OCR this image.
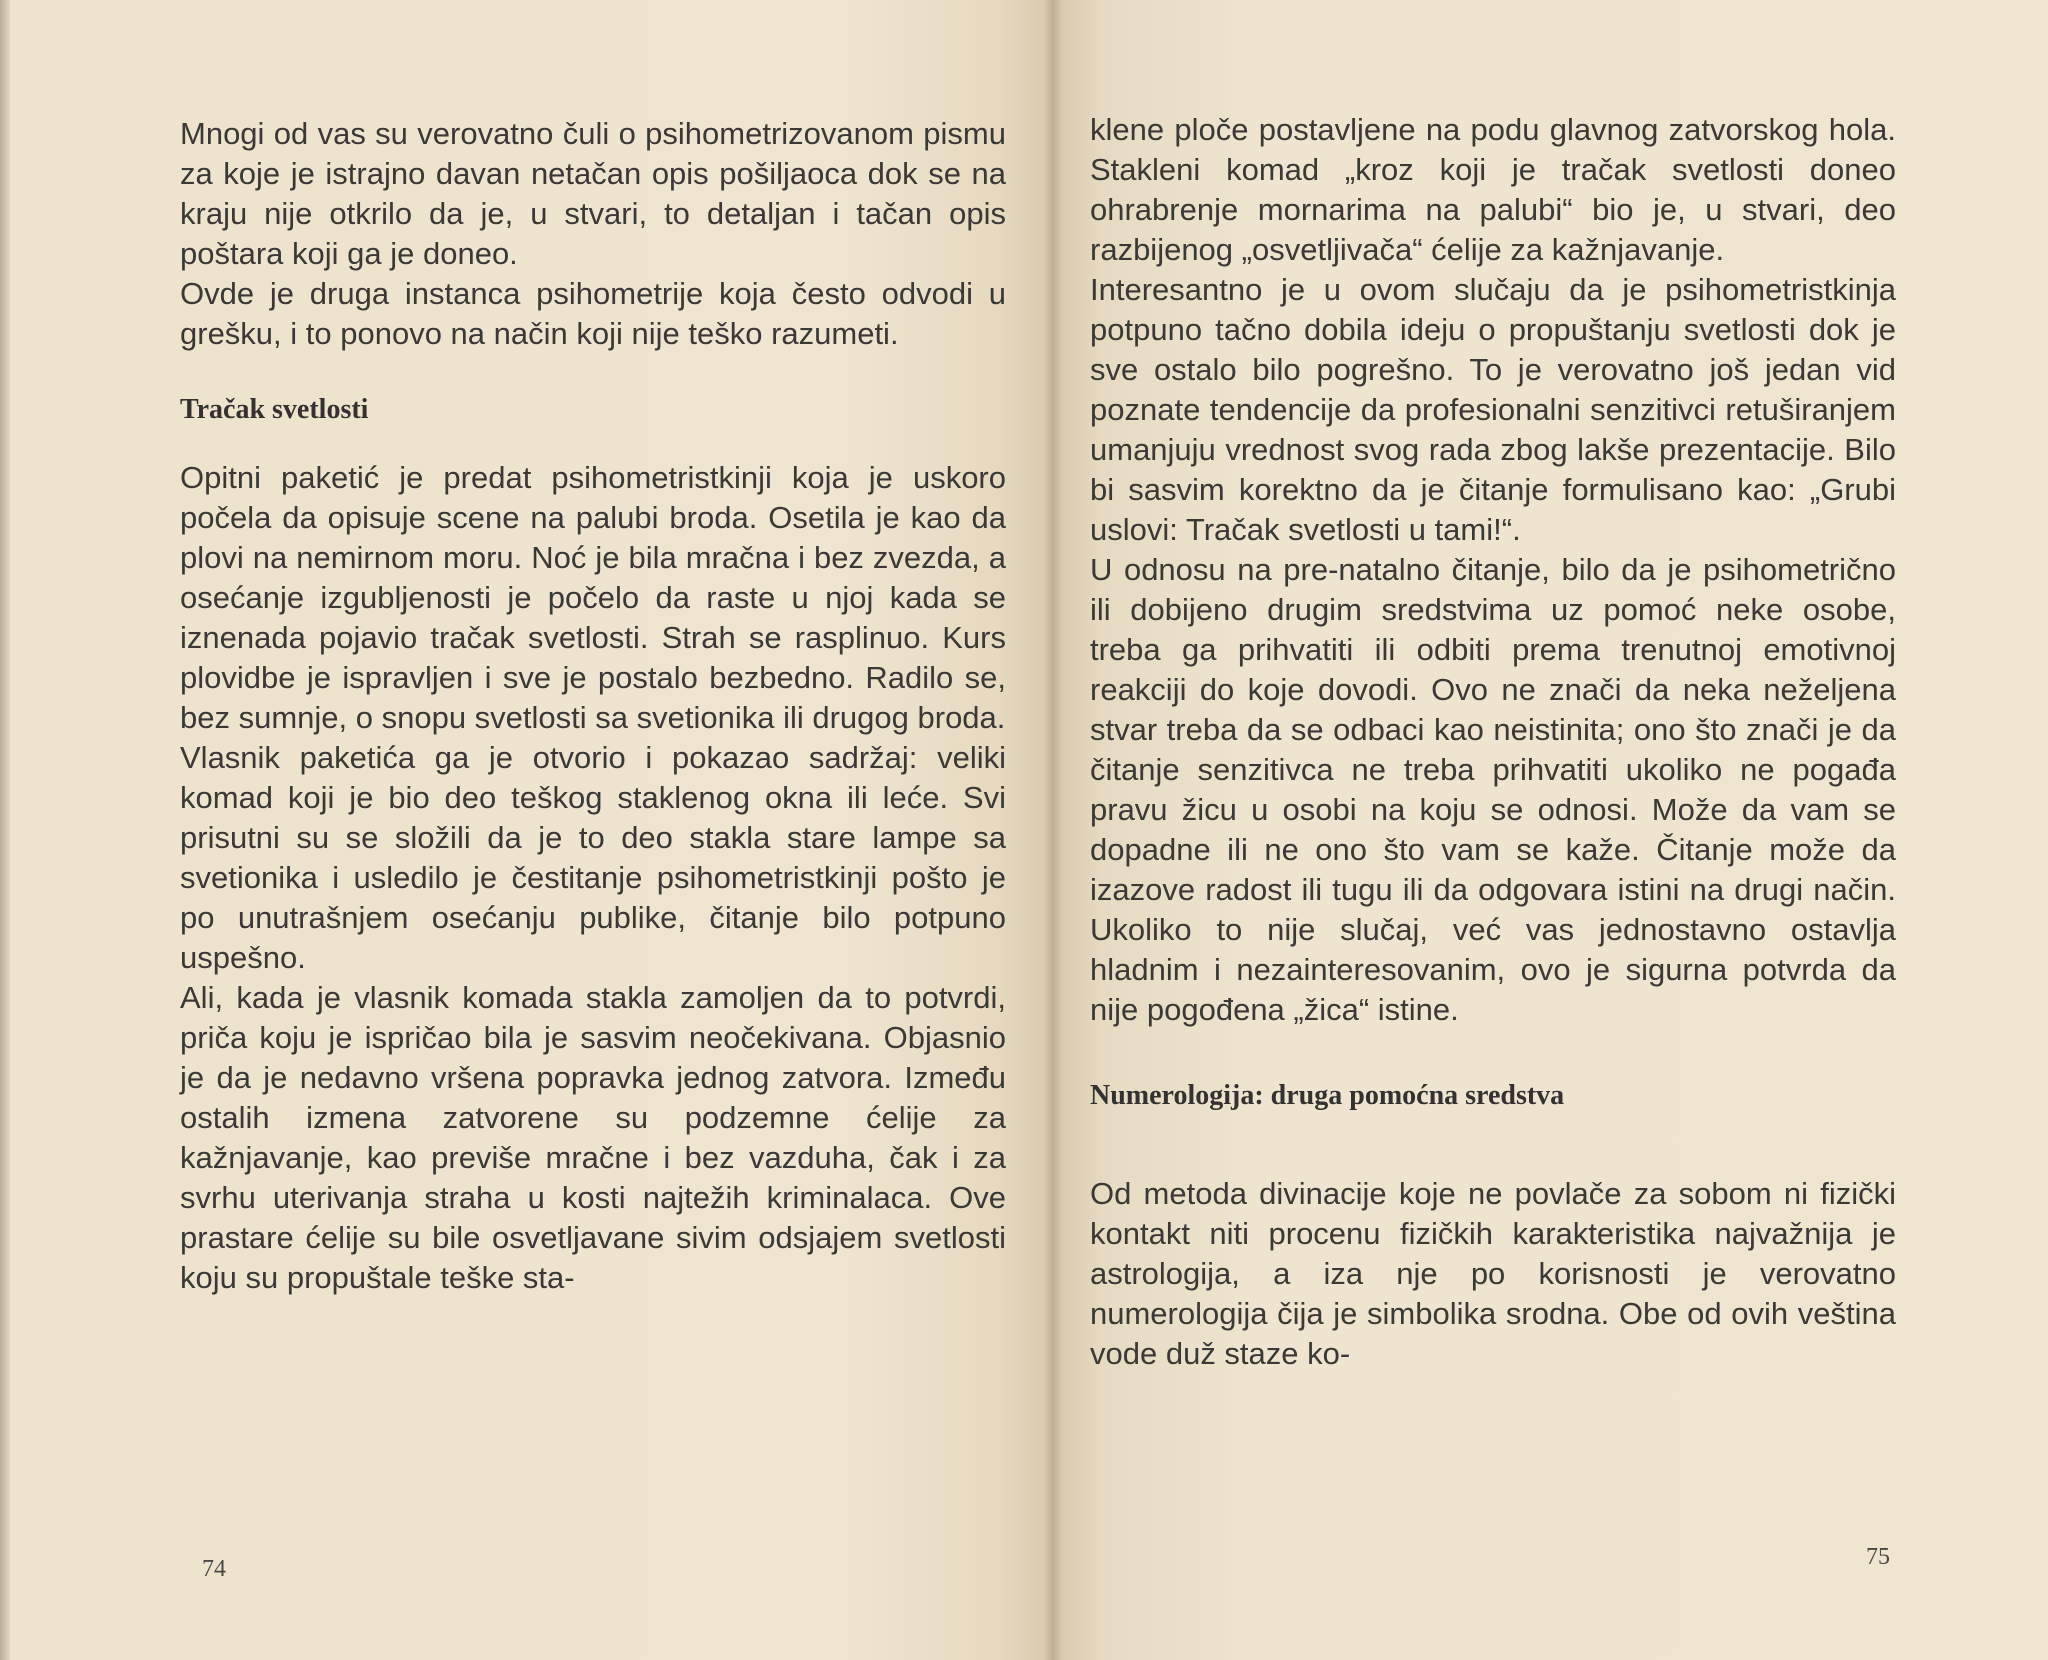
Mnogi od vas su verovatno čuli o psihometrizovanom pismu za koje je istrajno davan netačan opis pošiljaoca dok se na kraju nije otkrilo da je, u stvari, to detaljan i tačan opis poštara koji ga je doneo.

Ovde je druga instanca psihometrije koja često odvodi u grešku, i to ponovo na način koji nije teško razumeti.

Tračak svetlosti

Opitni paketić je predat psihometristkinji koja je uskoro počela da opisuje scene na palubi broda. Osetila je kao da plovi na nemirnom moru. Noć je bila mračna i bez zvezda, a osećanje izgubljenosti je počelo da raste u njoj kada se iznenada pojavio tračak svetlosti. Strah se rasplinuo. Kurs plovidbe je ispravljen i sve je postalo bezbedno. Radilo se, bez sumnje, o snopu svetlosti sa svetionika ili drugog broda.

Vlasnik paketića ga je otvorio i pokazao sadržaj: veliki komad koji je bio deo teškog staklenog okna ili leće. Svi prisutni su se složili da je to deo stakla stare lampe sa svetionika i usledilo je čestitanje psihometristkinji pošto je po unutrašnjem osećanju publike, čitanje bilo potpuno uspešno.

Ali, kada je vlasnik komada stakla zamoljen da to potvrdi, priča koju je ispričao bila je sasvim neočekivana. Objasnio je da je nedavno vršena popravka jednog zatvora. Između ostalih izmena zatvorene su podzemne ćelije za kažnjavanje, kao previše mračne i bez vazduha, čak i za svrhu uterivanja straha u kosti najtežih kriminalaca. Ove prastare ćelije su bile osvetljavane sivim odsjajem svetlosti koju su propuštale teške sta-

74

klene ploče postavljene na podu glavnog zatvorskog hola. Stakleni komad „kroz koji je tračak svetlosti doneo ohrabrenje mornarima na palubi“ bio je, u stvari, deo razbijenog „osvetljivača“ ćelije za kažnjavanje.

Interesantno je u ovom slučaju da je psihometristkinja potpuno tačno dobila ideju o propuštanju svetlosti dok je sve ostalo bilo pogrešno. To je verovatno još jedan vid poznate tendencije da profesionalni senzitivci retuširanjem umanjuju vrednost svog rada zbog lakše prezentacije. Bilo bi sasvim korektno da je čitanje formulisano kao: „Grubi uslovi: Tračak svetlosti u tami!“.

U odnosu na pre-natalno čitanje, bilo da je psihometrično ili dobijeno drugim sredstvima uz pomoć neke osobe, treba ga prihvatiti ili odbiti prema trenutnoj emotivnoj reakciji do koje dovodi. Ovo ne znači da neka neželjena stvar treba da se odbaci kao neistinita; ono što znači je da čitanje senzitivca ne treba prihvatiti ukoliko ne pogađa pravu žicu u osobi na koju se odnosi. Može da vam se dopadne ili ne ono što vam se kaže. Čitanje može da izazove radost ili tugu ili da odgovara istini na drugi način. Ukoliko to nije slučaj, već vas jednostavno ostavlja hladnim i nezainteresovanim, ovo je sigurna potvrda da nije pogođena „žica“ istine.

Numerologija: druga pomoćna sredstva

Od metoda divinacije koje ne povlače za sobom ni fizički kontakt niti procenu fizičkih karakteristika najvažnija je astrologija, a iza nje po korisnosti je verovatno numerologija čija je simbolika srodna. Obe od ovih veština vode duž staze ko-

75
